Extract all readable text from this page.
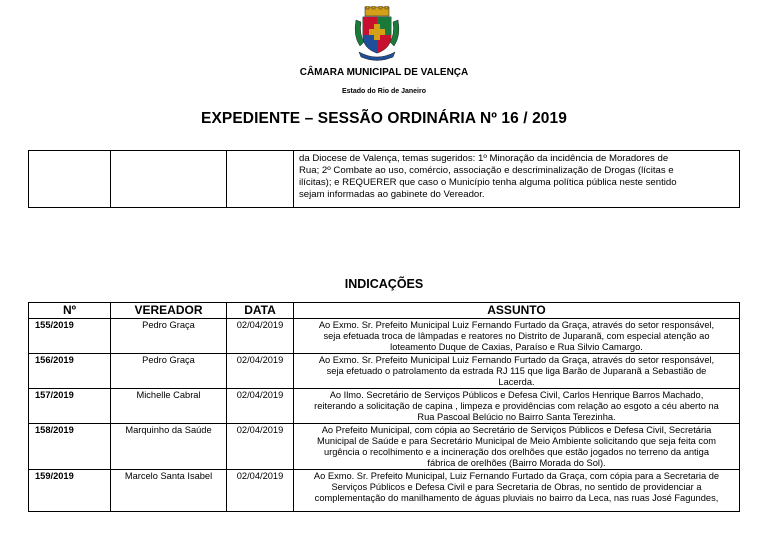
CÂMARA MUNICIPAL DE VALENÇA
Estado do Rio de Janeiro
EXPEDIENTE – SESSÃO ORDINÁRIA Nº 16 / 2019

da Diocese de Valença, temas sugeridos: 1º Minoração da incidência de Moradores de
Rua; 2º Combate ao uso, comércio, associação e descriminalização de Drogas (lícitas e
ilícitas); e REQUERER que caso o Município tenha alguma política pública neste sentido
sejam informadas ao gabinete do Vereador.
INDICAÇÕES
Nº	VEREADOR	DATA	ASSUNTO
155/2019	Pedro Graça	02/04/2019	Ao Exmo. Sr. Prefeito Municipal Luiz Fernando Furtado da Graça, através do setor responsável,
seja efetuada troca de lâmpadas e reatores no Distrito de Juparanã, com especial atenção ao
loteamento Duque de Caxias, Paraíso e Rua Silvio Camargo.

156/2019	Pedro Graça	02/04/2019	Ao Exmo. Sr. Prefeito Municipal Luiz Fernando Furtado da Graça, através do setor responsável,
seja efetuado o patrolamento da estrada RJ 115 que liga Barão de Juparanã a Sebastião de
Lacerda.

157/2019	Michelle Cabral	02/04/2019	Ao Ilmo. Secretário de Serviços Públicos e Defesa Civil, Carlos Henrique Barros Machado,
reiterando a solicitação de capina , limpeza e providências com relação ao esgoto a céu aberto na
Rua Pascoal Belúcio no Bairro Santa Terezinha.

158/2019	Marquinho da Saúde	02/04/2019	Ao Prefeito Municipal, com cópia ao Secretário de Serviços Públicos e Defesa Civil, Secretária
Municipal de Saúde e para Secretário Municipal de Meio Ambiente solicitando que seja feita com
urgência o recolhimento e a incineração dos orelhões que estão jogados no terreno da antiga
fábrica de orelhões (Bairro Morada do Sol).

159/2019	Marcelo Santa Isabel	02/04/2019	Ao Exmo. Sr. Prefeito Municipal, Luiz Fernando Furtado da Graça, com cópia para a Secretaria de
Serviços Públicos e Defesa Civil e para Secretaria de Obras, no sentido de providenciar a
complementação do manilhamento de águas pluviais no bairro da Leca, nas ruas José Fagundes,
